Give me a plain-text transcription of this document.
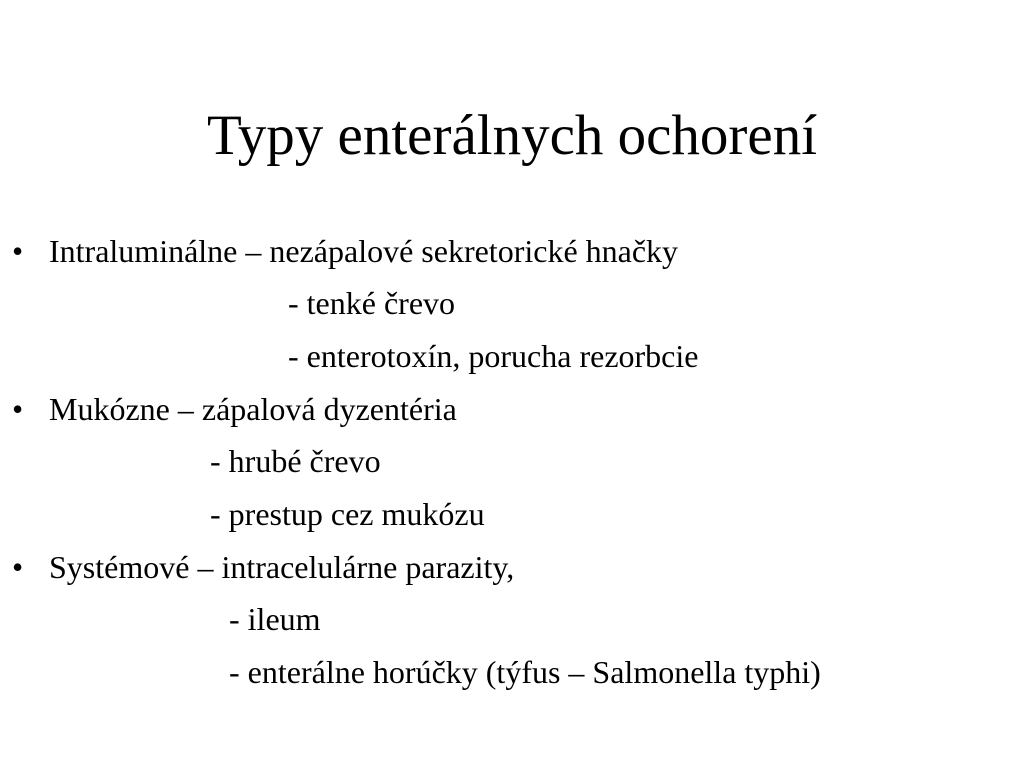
Typy enterálnych ochorení
• Intraluminálne – nezápalové sekretorické hnačky
- tenké črevo
- enterotoxín, porucha rezorbcie
• Mukózne – zápalová dyzentéria
- hrubé črevo
- prestup cez mukózu
• Systémové – intracelulárne parazity,
- ileum
- enterálne horúčky (týfus – Salmonella typhi)
